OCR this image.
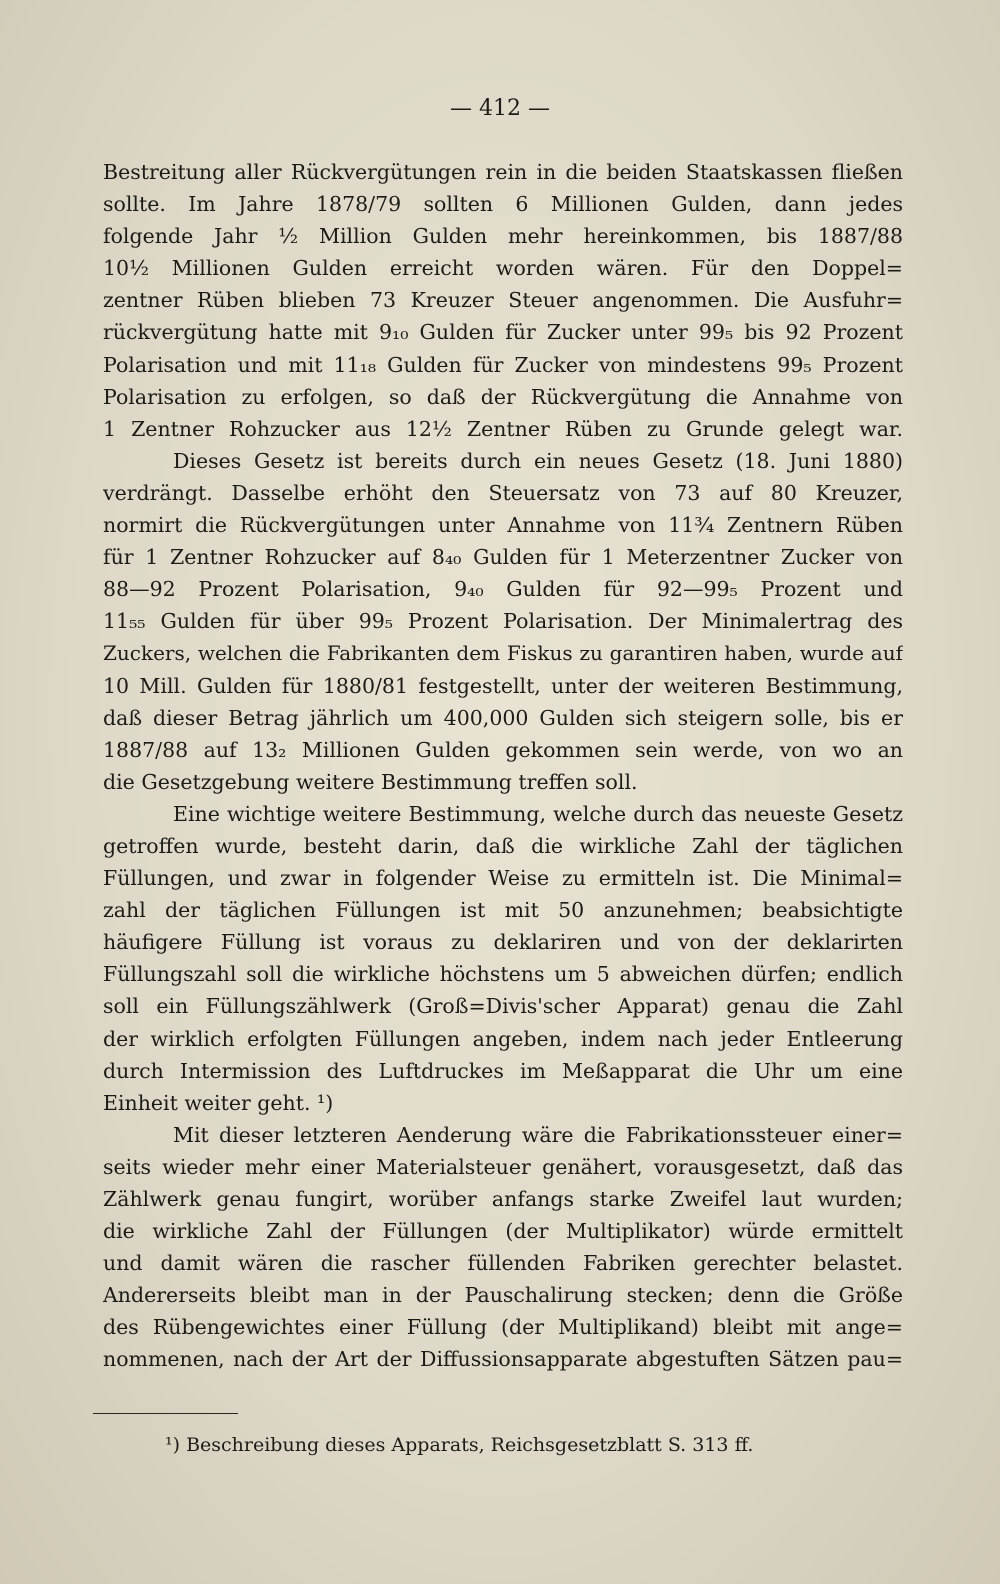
— 412 —
Bestreitung aller Rückvergütungen rein in die beiden Staatskassen fließen
sollte. Im Jahre 1878/79 sollten 6 Millionen Gulden, dann jedes
folgende Jahr ½ Million Gulden mehr hereinkommen, bis 1887/88
10½ Millionen Gulden erreicht worden wären. Für den Doppel=
zentner Rüben blieben 73 Kreuzer Steuer angenommen. Die Ausfuhr=
rückvergütung hatte mit 9₁₀ Gulden für Zucker unter 99₅ bis 92 Prozent
Polarisation und mit 11₁₈ Gulden für Zucker von mindestens 99₅ Prozent
Polarisation zu erfolgen, so daß der Rückvergütung die Annahme von
1 Zentner Rohzucker aus 12½ Zentner Rüben zu Grunde gelegt war.
Dieses Gesetz ist bereits durch ein neues Gesetz (18. Juni 1880)
verdrängt. Dasselbe erhöht den Steuersatz von 73 auf 80 Kreuzer,
normirt die Rückvergütungen unter Annahme von 11¾ Zentnern Rüben
für 1 Zentner Rohzucker auf 8₄₀ Gulden für 1 Meterzentner Zucker von
88—92 Prozent Polarisation, 9₄₀ Gulden für 92—99₅ Prozent und
11₅₅ Gulden für über 99₅ Prozent Polarisation. Der Minimalertrag des
Zuckers, welchen die Fabrikanten dem Fiskus zu garantiren haben, wurde auf
10 Mill. Gulden für 1880/81 festgestellt, unter der weiteren Bestimmung,
daß dieser Betrag jährlich um 400,000 Gulden sich steigern solle, bis er
1887/88 auf 13₂ Millionen Gulden gekommen sein werde, von wo an
die Gesetzgebung weitere Bestimmung treffen soll.
Eine wichtige weitere Bestimmung, welche durch das neueste Gesetz
getroffen wurde, besteht darin, daß die wirkliche Zahl der täglichen
Füllungen, und zwar in folgender Weise zu ermitteln ist. Die Minimal=
zahl der täglichen Füllungen ist mit 50 anzunehmen; beabsichtigte
häufigere Füllung ist voraus zu deklariren und von der deklarirten
Füllungszahl soll die wirkliche höchstens um 5 abweichen dürfen; endlich
soll ein Füllungszählwerk (Groß=Divis'scher Apparat) genau die Zahl
der wirklich erfolgten Füllungen angeben, indem nach jeder Entleerung
durch Intermission des Luftdruckes im Meßapparat die Uhr um eine
Einheit weiter geht. ¹)
Mit dieser letzteren Aenderung wäre die Fabrikationssteuer einer=
seits wieder mehr einer Materialsteuer genähert, vorausgesetzt, daß das
Zählwerk genau fungirt, worüber anfangs starke Zweifel laut wurden;
die wirkliche Zahl der Füllungen (der Multiplikator) würde ermittelt
und damit wären die rascher füllenden Fabriken gerechter belastet.
Andererseits bleibt man in der Pauschalirung stecken; denn die Größe
des Rübengewichtes einer Füllung (der Multiplikand) bleibt mit ange=
nommenen, nach der Art der Diffussionsapparate abgestuften Sätzen pau=
¹) Beschreibung dieses Apparats, Reichsgesetzblatt S. 313 ff.
